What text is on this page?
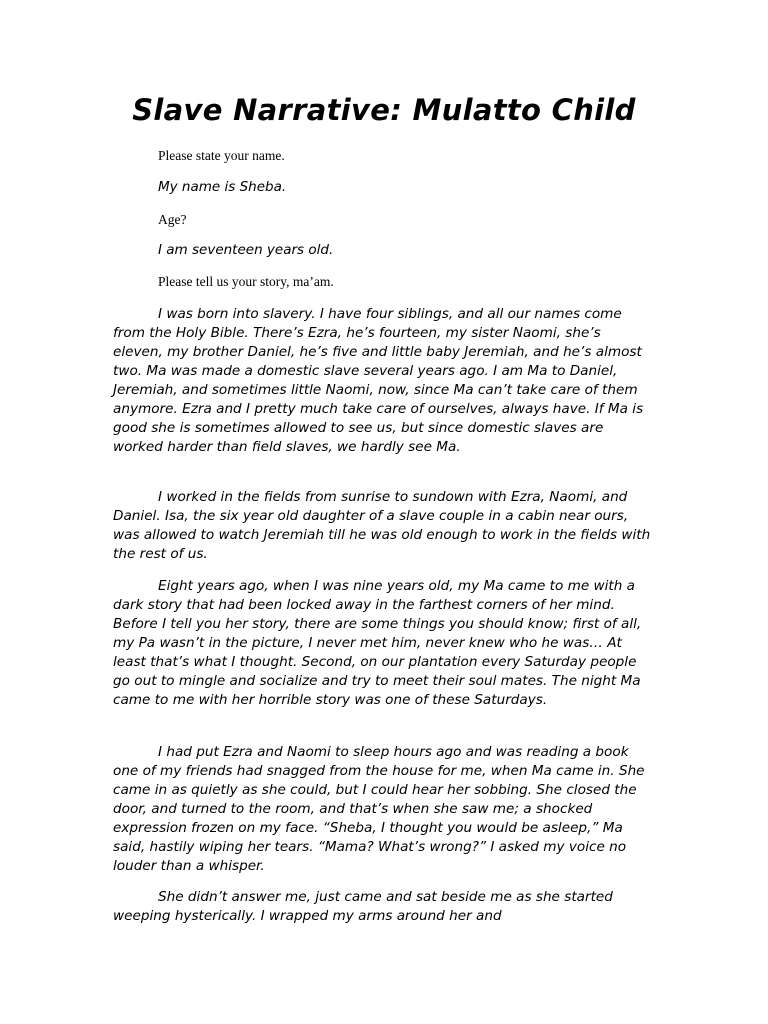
Slave Narrative: Mulatto Child

Please state your name.

My name is Sheba.

Age?

I am seventeen years old.

Please tell us your story, ma’am.

I was born into slavery. I have four siblings, and all our names come from the Holy Bible. There’s Ezra, he’s fourteen, my sister Naomi, she’s eleven, my brother Daniel, he’s five and little baby Jeremiah, and he’s almost two. Ma was made a domestic slave several years ago. I am Ma to Daniel, Jeremiah, and sometimes little Naomi, now, since Ma can’t take care of them anymore. Ezra and I pretty much take care of ourselves, always have. If Ma is good she is sometimes allowed to see us, but since domestic slaves are worked harder than field slaves, we hardly see Ma.

I worked in the fields from sunrise to sundown with Ezra, Naomi, and Daniel. Isa, the six year old daughter of a slave couple in a cabin near ours, was allowed to watch Jeremiah till he was old enough to work in the fields with the rest of us.

Eight years ago, when I was nine years old, my Ma came to me with a dark story that had been locked away in the farthest corners of her mind. Before I tell you her story, there are some things you should know; first of all, my Pa wasn’t in the picture, I never met him, never knew who he was… At least that’s what I thought. Second, on our plantation every Saturday people go out to mingle and socialize and try to meet their soul mates. The night Ma came to me with her horrible story was one of these Saturdays.

I had put Ezra and Naomi to sleep hours ago and was reading a book one of my friends had snagged from the house for me, when Ma came in. She came in as quietly as she could, but I could hear her sobbing. She closed the door, and turned to the room, and that’s when she saw me; a shocked expression frozen on my face. “Sheba, I thought you would be asleep,” Ma said, hastily wiping her tears. “Mama? What’s wrong?” I asked my voice no louder than a whisper.

She didn’t answer me, just came and sat beside me as she started weeping hysterically. I wrapped my arms around her and
